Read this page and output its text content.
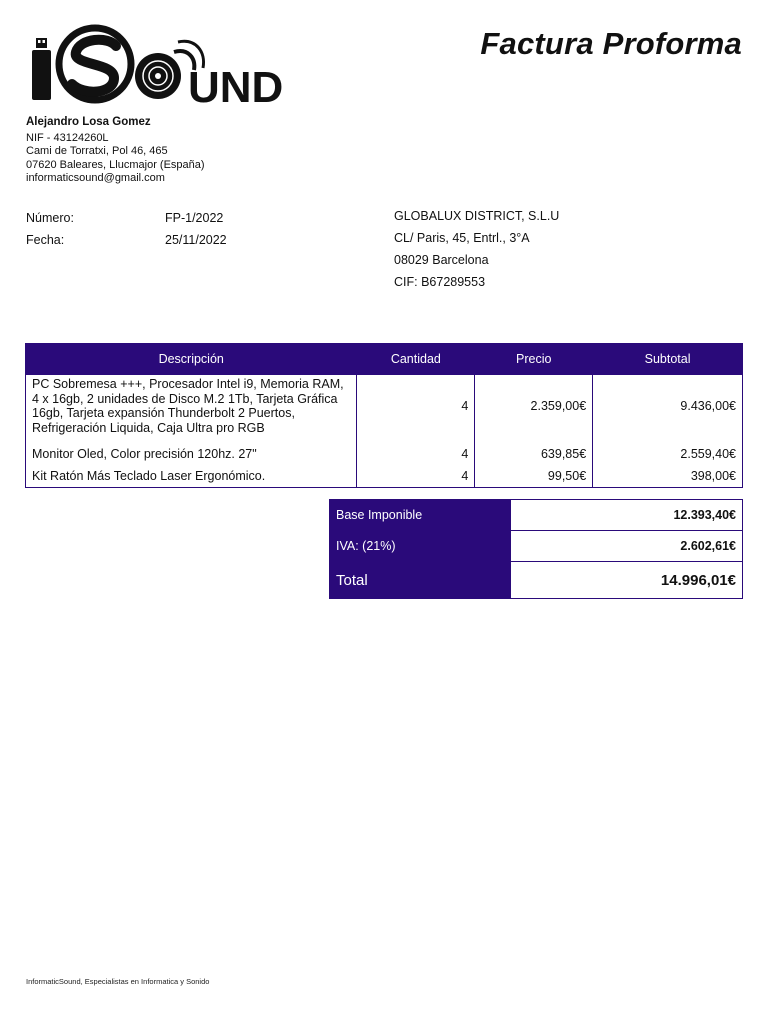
UND
Factura Proforma
Alejandro Losa Gomez
NIF - 43124260L
Cami de Torratxi, Pol 46, 465
07620 Baleares, Llucmajor (España)
informaticsound@gmail.com
Número:	FP-1/2022
Fecha:	25/11/2022
GLOBALUX DISTRICT, S.L.U
CL/ Paris, 45, Entrl., 3°A
08029 Barcelona
CIF: B67289553
Descripción	Cantidad	Precio	Subtotal
PC Sobremesa +++, Procesador Intel i9, Memoria RAM, 4 x 16gb, 2 unidades de Disco M.2 1Tb, Tarjeta Gráfica 16gb, Tarjeta expansión Thunderbolt 2 Puertos, Refrigeración Liquida, Caja Ultra pro RGB	4	2.359,00€	9.436,00€
Monitor Oled, Color precisión 120hz. 27"	4	639,85€	2.559,40€
Kit Ratón Más Teclado Laser Ergonómico.	4	99,50€	398,00€
Base Imponible	12.393,40€
IVA: (21%)	2.602,61€
Total	14.996,01€
InformaticSound, Especialistas en Informatica y Sonido
